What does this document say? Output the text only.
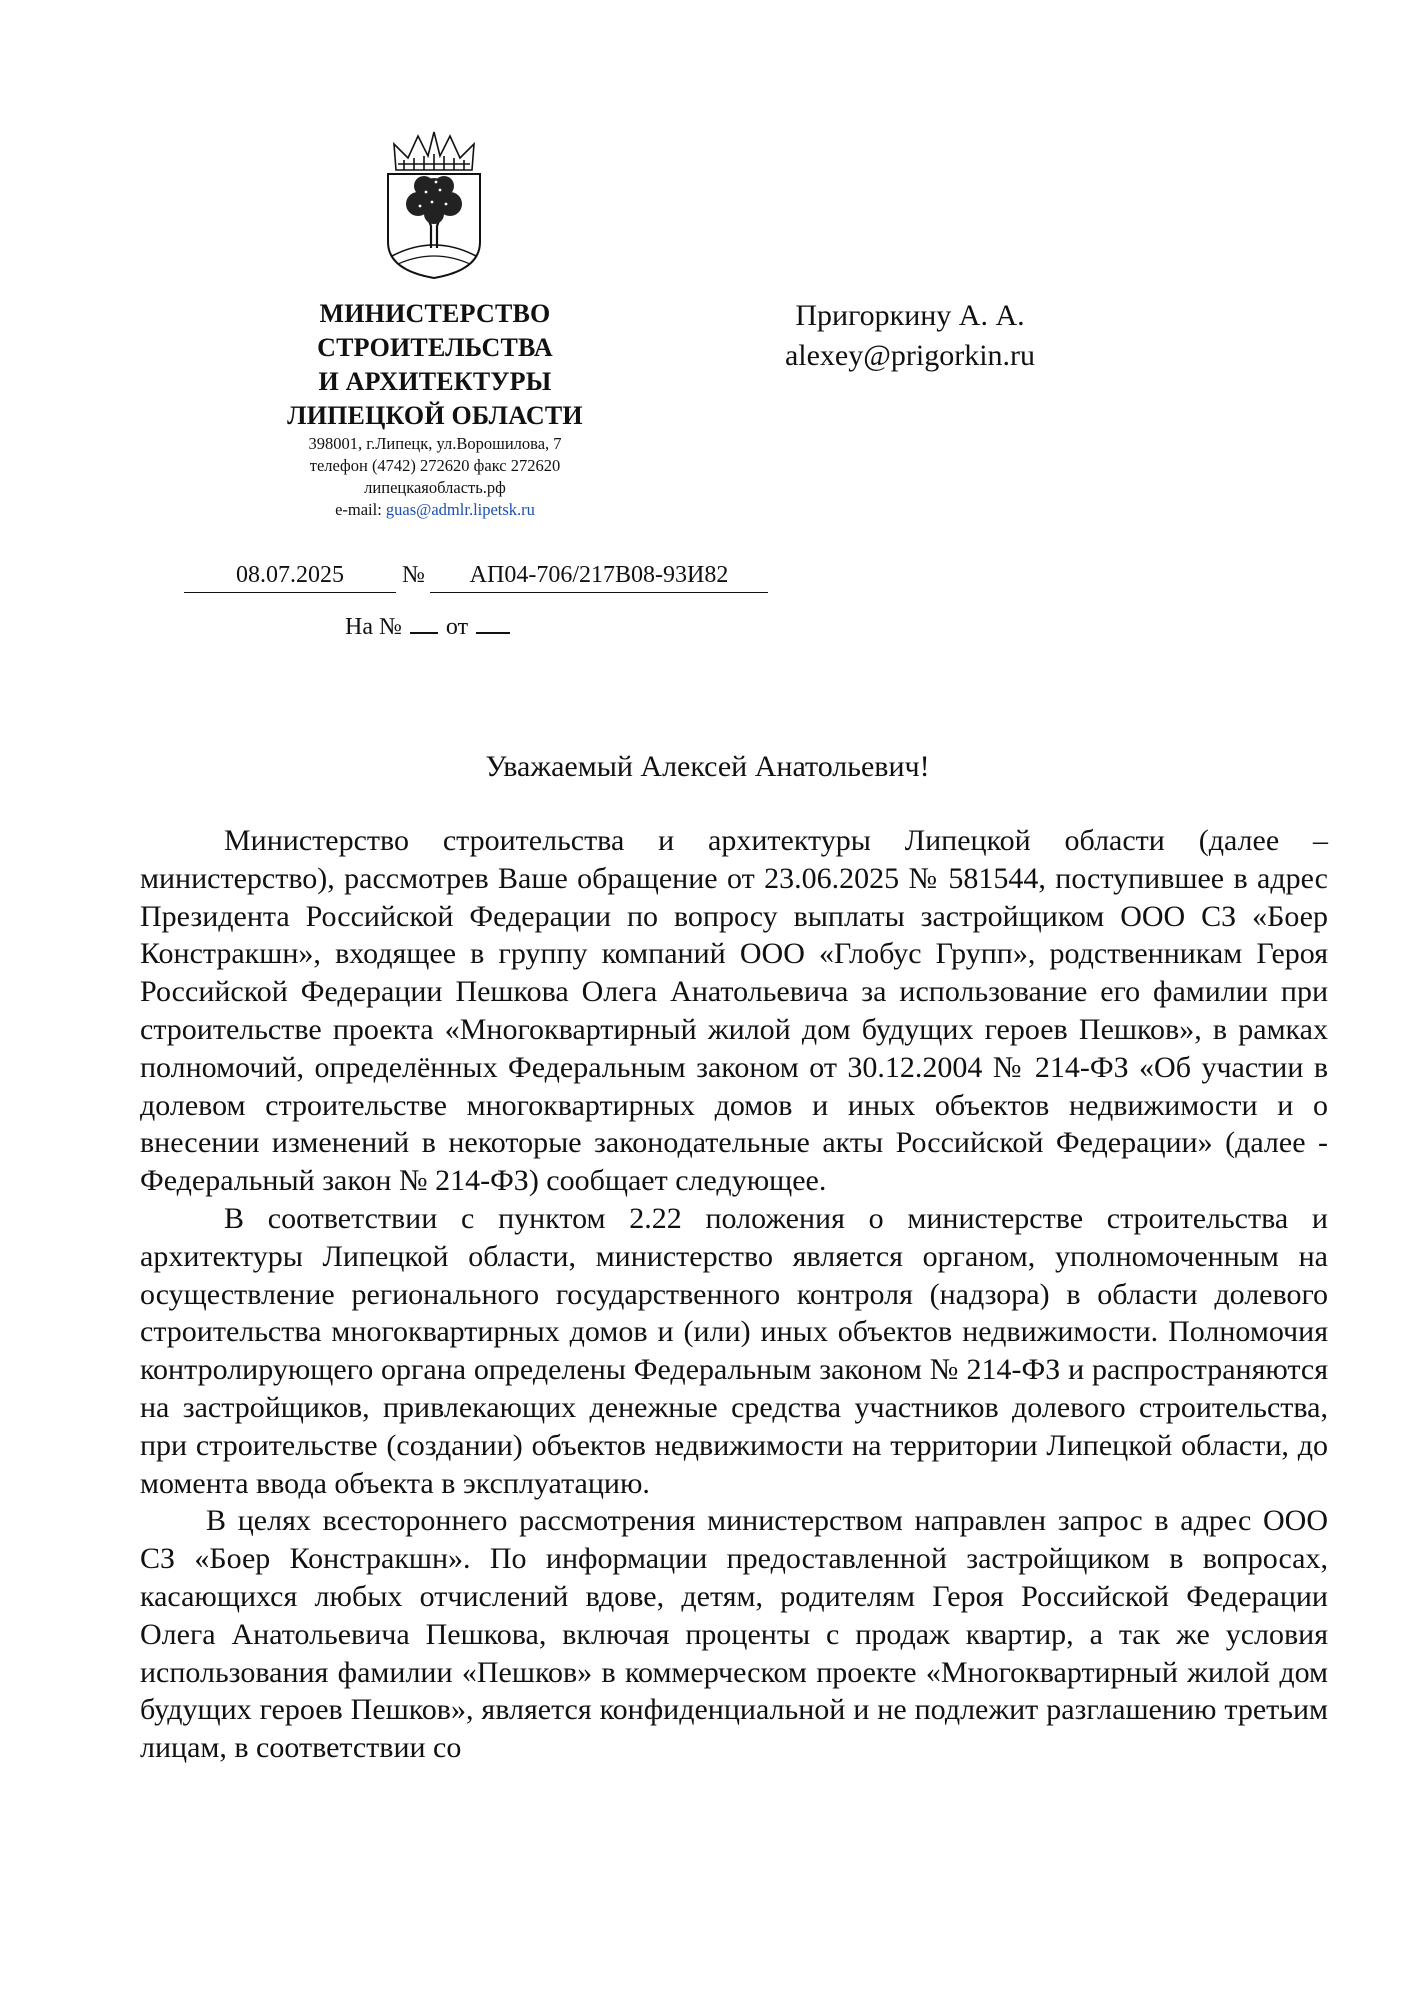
МИНИСТЕРСТВО
СТРОИТЕЛЬСТВА
И АРХИТЕКТУРЫ
ЛИПЕЦКОЙ ОБЛАСТИ
398001, г.Липецк, ул.Ворошилова, 7
телефон (4742) 272620 факс 272620
липецкаяобласть.рф
e-mail: guas@admlr.lipetsk.ru
Пригоркину А. А.
alexey@prigorkin.ru
08.07.2025	№	АП04-706/217В08-93И82
На № от
Уважаемый Алексей Анатольевич!

Министерство строительства и архитектуры Липецкой области (далее – министерство), рассмотрев Ваше обращение от 23.06.2025 № 581544, поступившее в адрес Президента Российской Федерации по вопросу выплаты застройщиком ООО СЗ «Боер Констракшн», входящее в группу компаний ООО «Глобус Групп», родственникам Героя Российской Федерации Пешкова Олега Анатольевича за использование его фамилии при строительстве проекта «Многоквартирный жилой дом будущих героев Пешков», в рамках полномочий, определённых Федеральным законом от 30.12.2004 № 214-ФЗ «Об участии в долевом строительстве многоквартирных домов и иных объектов недвижимости и о внесении изменений в некоторые законодательные акты Российской Федерации» (далее - Федеральный закон № 214-ФЗ) сообщает следующее.

В соответствии с пунктом 2.22 положения о министерстве строительства и архитектуры Липецкой области, министерство является органом, уполномоченным на осуществление регионального государственного контроля (надзора) в области долевого строительства многоквартирных домов и (или) иных объектов недвижимости. Полномочия контролирующего органа определены Федеральным законом № 214-ФЗ и распространяются на застройщиков, привлекающих денежные средства участников долевого строительства, при строительстве (создании) объектов недвижимости на территории Липецкой области, до момента ввода объекта в эксплуатацию.

В целях всестороннего рассмотрения министерством направлен запрос в адрес ООО СЗ «Боер Констракшн». По информации предоставленной застройщиком в вопросах, касающихся любых отчислений вдове, детям, родителям Героя Российской Федерации Олега Анатольевича Пешкова, включая проценты с продаж квартир, а так же условия использования фамилии «Пешков» в коммерческом проекте «Многоквартирный жилой дом будущих героев Пешков», является конфиденциальной и не подлежит разглашению третьим лицам, в соответствии со
